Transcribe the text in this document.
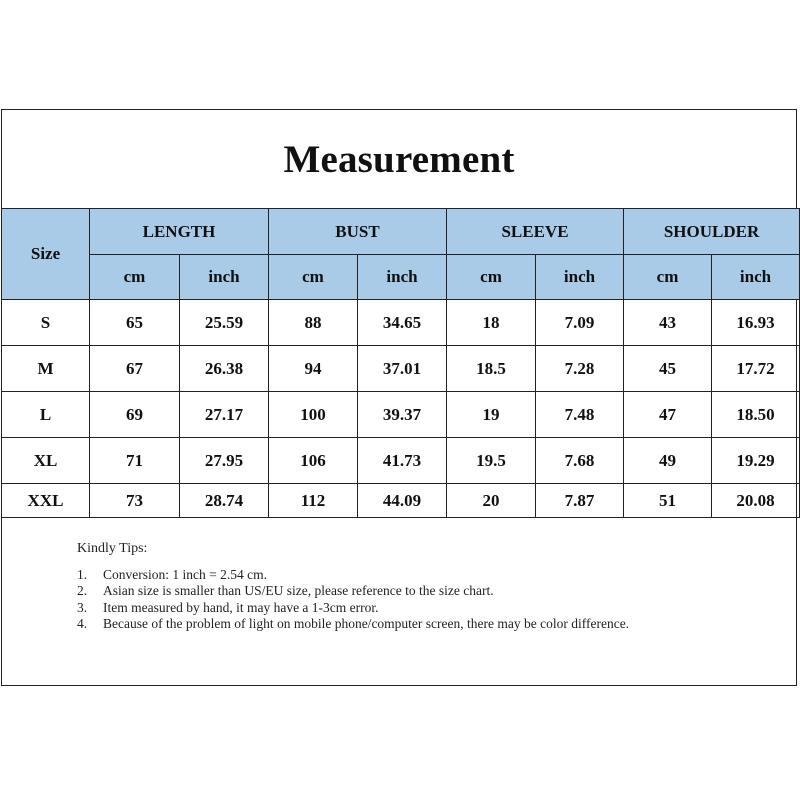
Measurement
Size	LENGTH		BUST		SLEEVE		SHOULDER	
	cm	inch	cm	inch	cm	inch	cm	inch
S	65	25.59	88	34.65	18	7.09	43	16.93
M	67	26.38	94	37.01	18.5	7.28	45	17.72
L	69	27.17	100	39.37	19	7.48	47	18.50
XL	71	27.95	106	41.73	19.5	7.68	49	19.29
XXL	73	28.74	112	44.09	20	7.87	51	20.08
Kindly Tips:
1.	Conversion: 1 inch = 2.54 cm.
2.	Asian size is smaller than US/EU size, please reference to the size chart.
3.	Item measured by hand, it may have a 1-3cm error.
4.	Because of the problem of light on mobile phone/computer screen, there may be color difference.
